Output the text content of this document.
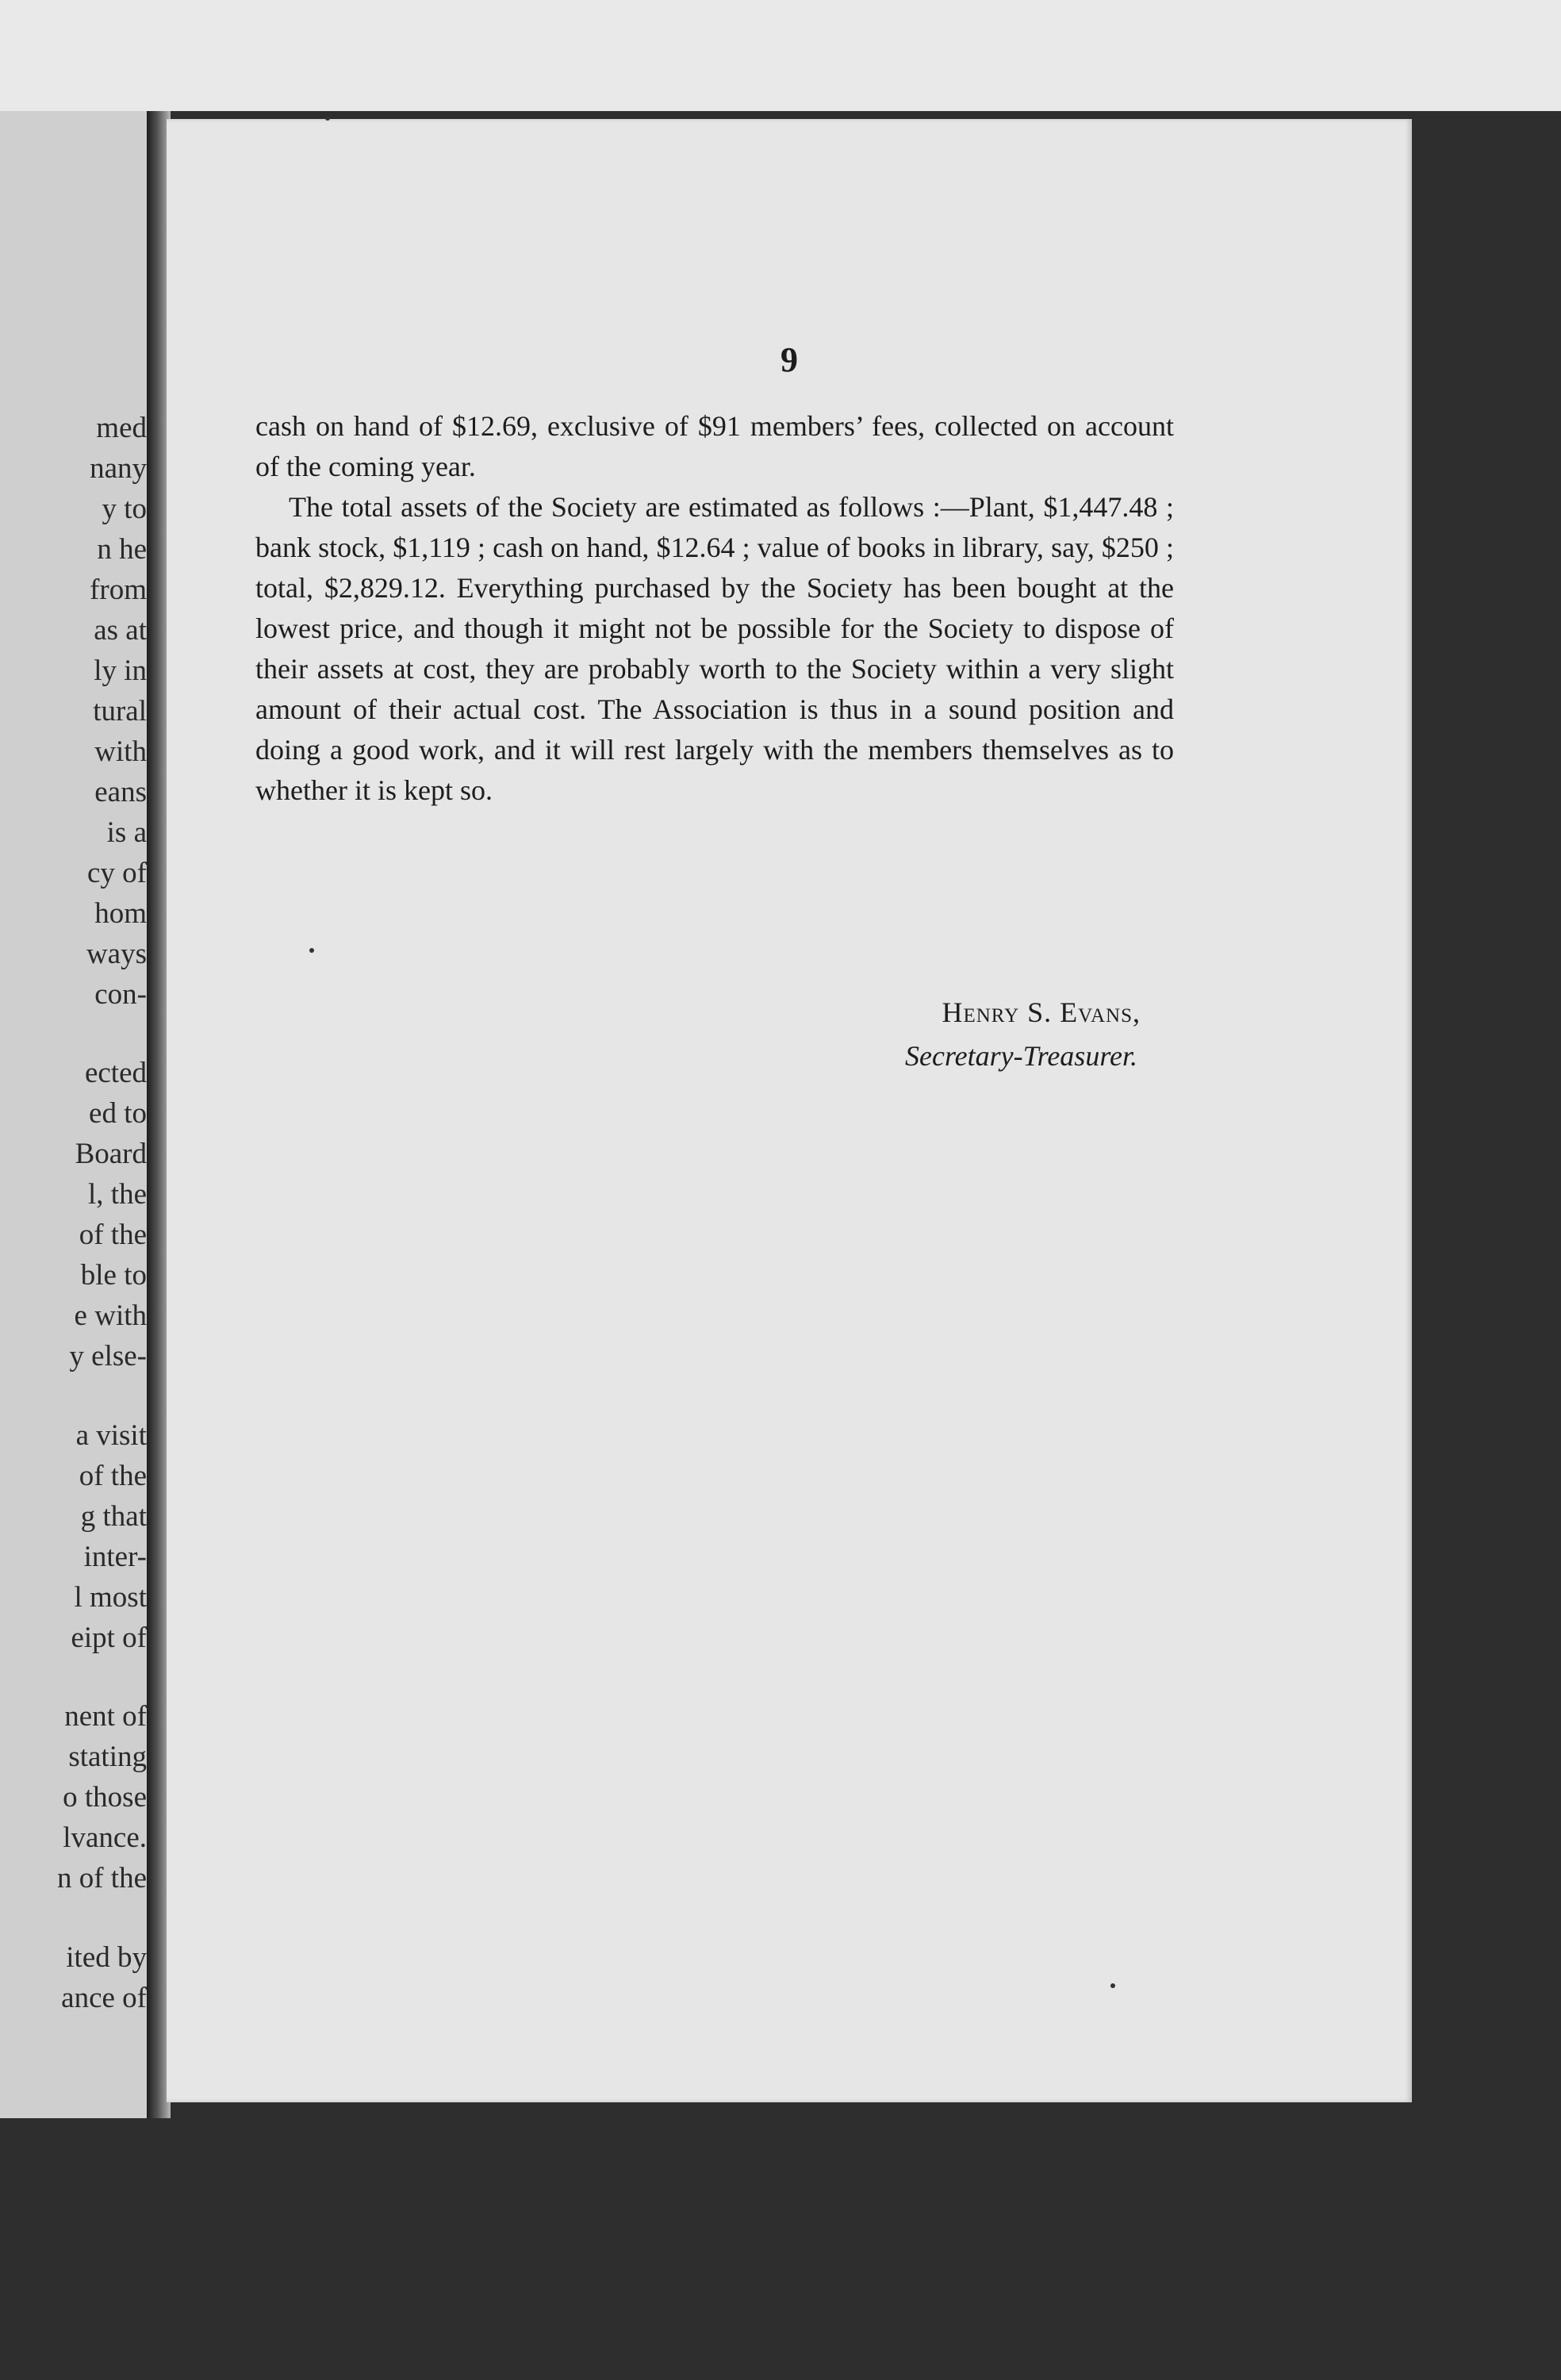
med
nany
y to
n he
from
as at
ly in
tural
with
eans
is a
cy of
hom
ways
con-
ected
ed to
Board
l, the
of the
ble to
e with
y else-
a visit
of the
g that
inter-
l most
eipt of
nent of
stating
o those
lvance.
n of the
ited by
ance of
9

cash on hand of $12.69, exclusive of $91 members’ fees, collected on account of the coming year.

The total assets of the Society are estimated as follows :—Plant, $1,447.48 ; bank stock, $1,119 ; cash on hand, $12.64 ; value of books in library, say, $250 ; total, $2,829.12. Everything purchased by the Society has been bought at the lowest price, and though it might not be possible for the Society to dispose of their assets at cost, they are probably worth to the Society within a very slight amount of their actual cost. The Association is thus in a sound position and doing a good work, and it will rest largely with the members themselves as to whether it is kept so.

Henry S. Evans,
Secretary-Treasurer.
